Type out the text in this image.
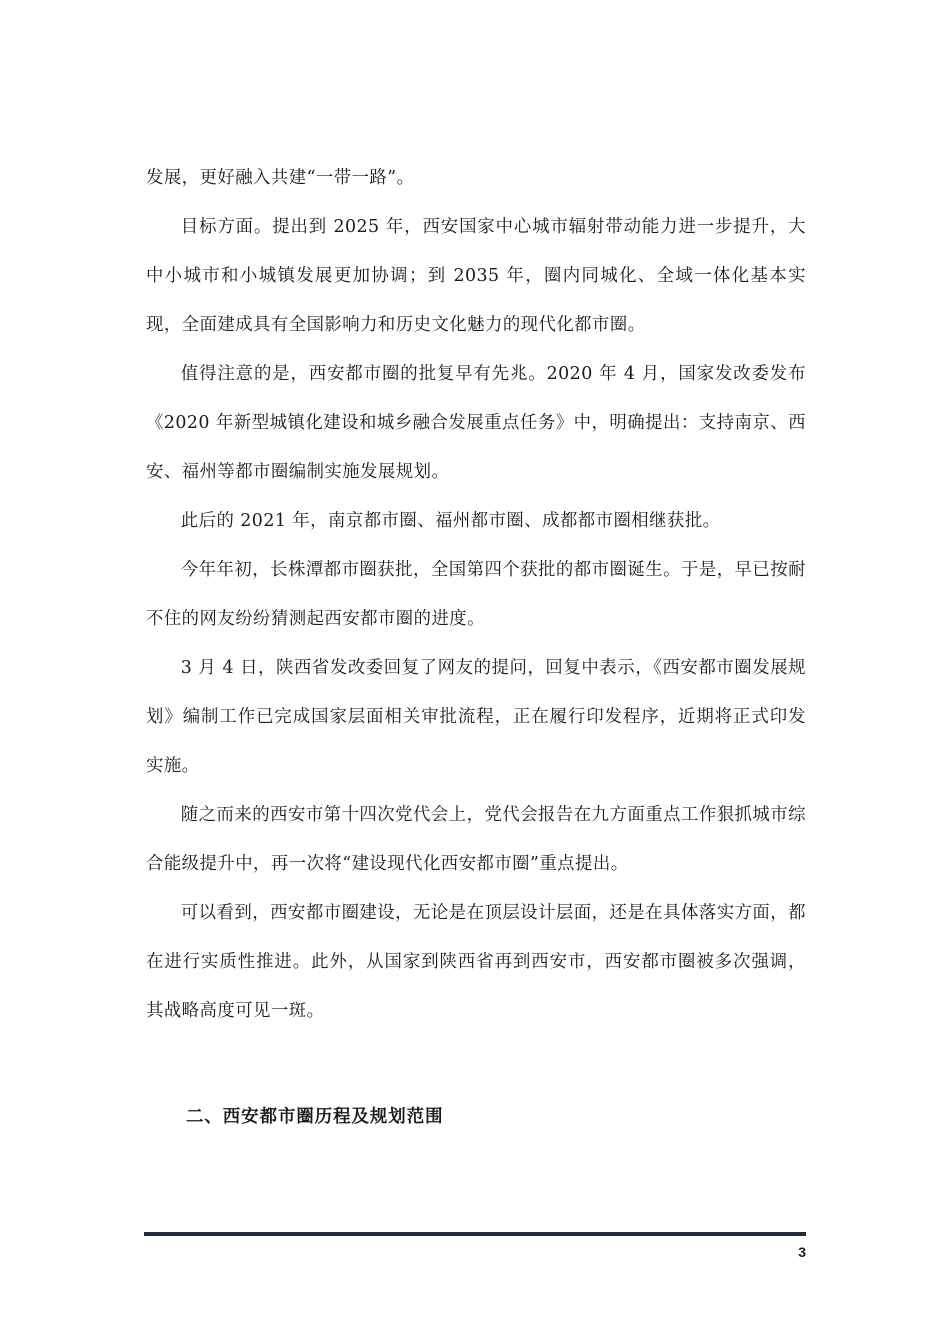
发展，更好融入共建“一带一路”。

目标方面。提出到 2025 年，西安国家中心城市辐射带动能力进一步提升，大中小城市和小城镇发展更加协调；到 2035 年，圈内同城化、全域一体化基本实现，全面建成具有全国影响力和历史文化魅力的现代化都市圈。

值得注意的是，西安都市圈的批复早有先兆。2020 年 4 月，国家发改委发布《2020 年新型城镇化建设和城乡融合发展重点任务》中，明确提出：支持南京、西安、福州等都市圈编制实施发展规划。

此后的 2021 年，南京都市圈、福州都市圈、成都都市圈相继获批。

今年年初，长株潭都市圈获批，全国第四个获批的都市圈诞生。于是，早已按耐不住的网友纷纷猜测起西安都市圈的进度。

3 月 4 日，陕西省发改委回复了网友的提问，回复中表示，《西安都市圈发展规划》编制工作已完成国家层面相关审批流程，正在履行印发程序，近期将正式印发实施。

随之而来的西安市第十四次党代会上，党代会报告在九方面重点工作狠抓城市综合能级提升中，再一次将“建设现代化西安都市圈”重点提出。

可以看到，西安都市圈建设，无论是在顶层设计层面，还是在具体落实方面，都在进行实质性推进。此外，从国家到陕西省再到西安市，西安都市圈被多次强调，其战略高度可见一斑。

二、西安都市圈历程及规划范围
3
